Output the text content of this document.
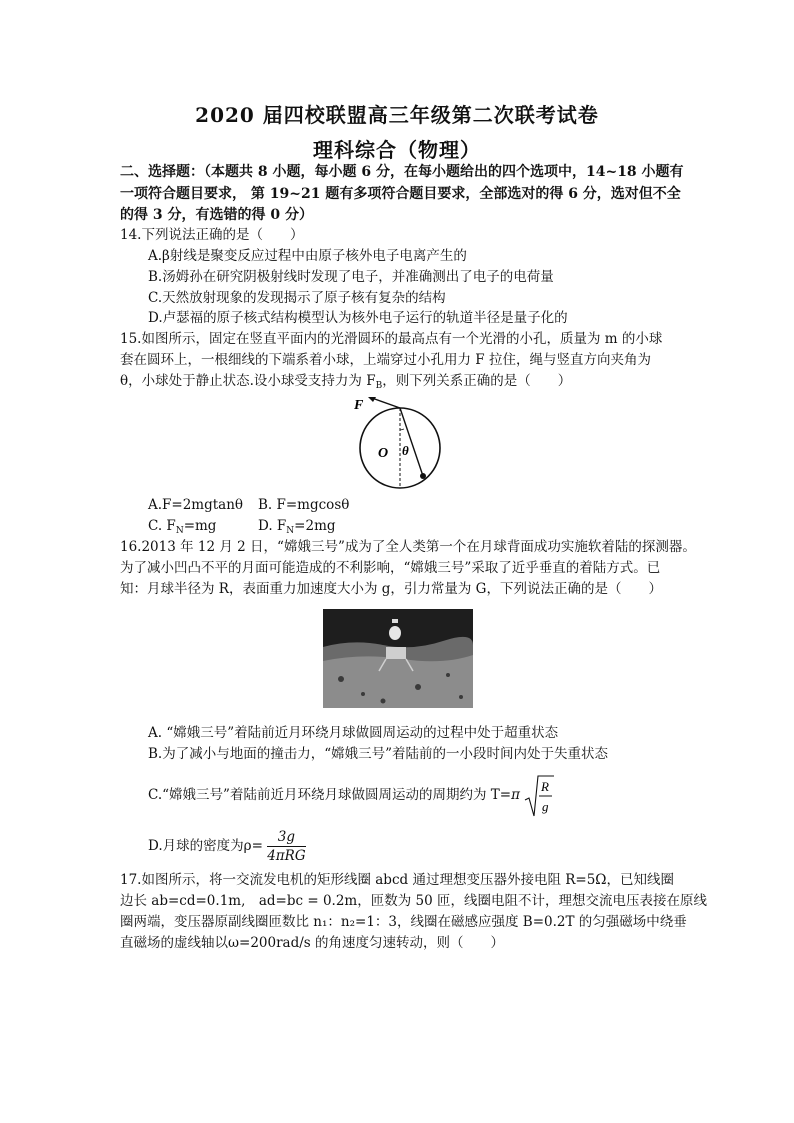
2020 届四校联盟高三年级第二次联考试卷
理科综合（物理）
二、选择题：（本题共 8 小题，每小题 6 分，在每小题给出的四个选项中，14~18 小题有
一项符合题目要求， 第 19~21 题有多项符合题目要求，全部选对的得 6 分，选对但不全
的得 3 分，有选错的得 0 分）
14.下列说法正确的是（　　）
A.β射线是聚变反应过程中由原子核外电子电离产生的
B.汤姆孙在研究阴极射线时发现了电子，并准确测出了电子的电荷量
C.天然放射现象的发现揭示了原子核有复杂的结构
D.卢瑟福的原子核式结构模型认为核外电子运行的轨道半径是量子化的
15.如图所示，固定在竖直平面内的光滑圆环的最高点有一个光滑的小孔，质量为 m 的小球
套在圆环上，一根细线的下端系着小球，上端穿过小孔用力 F 拉住，绳与竖直方向夹角为
θ，小球处于静止状态.设小球受支持力为 $F_B$，则下列关系正确的是（　　）
F
O θ
A.F=2mgtanθ B. F=mgcosθ
C. $F_N=mg$	D. $F_N=2mg$
16.2013 年 12 月 2 日，“嫦娥三号”成为了全人类第一个在月球背面成功实施软着陆的探测器。
为了减小凹凸不平的月面可能造成的不利影响，“嫦娥三号”采取了近乎垂直的着陆方式。已
知：月球半径为 R，表面重力加速度大小为 g，引力常量为 G，下列说法正确的是（　　）
A. “嫦娥三号”着陆前近月环绕月球做圆周运动的过程中处于超重状态
B.为了减小与地面的撞击力，“嫦娥三号”着陆前的一小段时间内处于失重状态
C.“嫦娥三号”着陆前近月环绕月球做圆周运动的周期约为 T=π
R
g
D.月球的密度为$\rho= \frac{3g}{\text{4πRG}}$
17.如图所示，将一交流发电机的矩形线圈 abcd 通过理想变压器外接电阻 R=5Ω，已知线圈
边长 ab=cd=0.1m,　ad=bc = 0.2m，匝数为 50 匝，线圈电阻不计，理想交流电压表接在原线
圈两端，变压器原副线圈匝数比 n₁：n₂=1：3，线圈在磁感应强度 B=0.2T 的匀强磁场中绕垂
直磁场的虚线轴以ω=200rad/s 的角速度匀速转动，则（　　）
